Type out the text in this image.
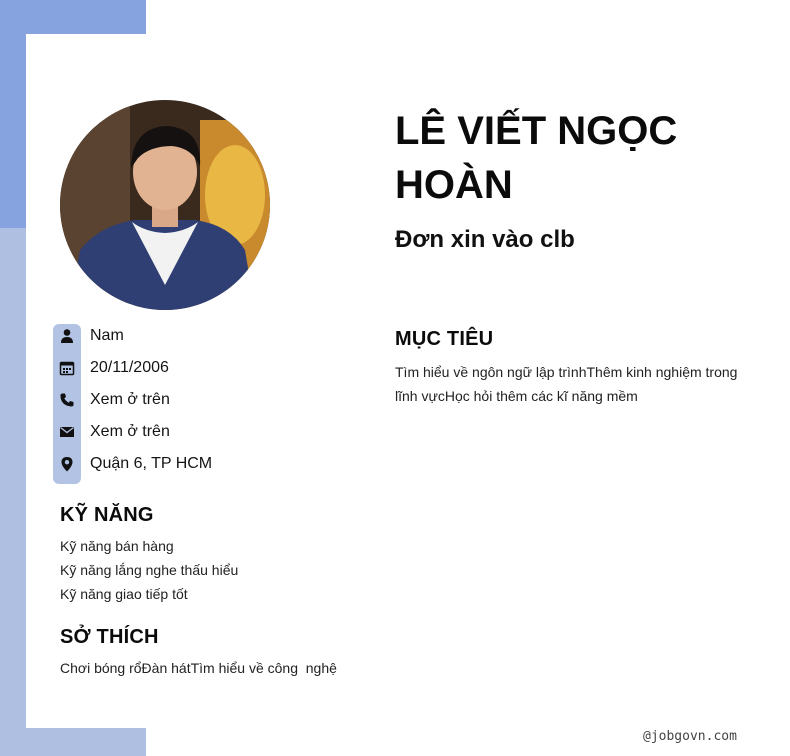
Nam
20/11/2006
Xem ở trên
Xem ở trên
Quận 6, TP HCM
KỸ NĂNG
Kỹ năng bán hàng
Kỹ năng lắng nghe thấu hiểu
Kỹ năng giao tiếp tốt
SỞ THÍCH
Chơi bóng rổĐàn hátTìm hiểu về công  nghệ
LÊ VIẾT NGỌC HOÀN
Đơn xin vào clb
MỤC TIÊU
Tìm hiểu về ngôn ngữ lập trìnhThêm kinh nghiệm trong lĩnh vựcHọc hỏi thêm các kĩ năng mềm
@jobgovn.com
